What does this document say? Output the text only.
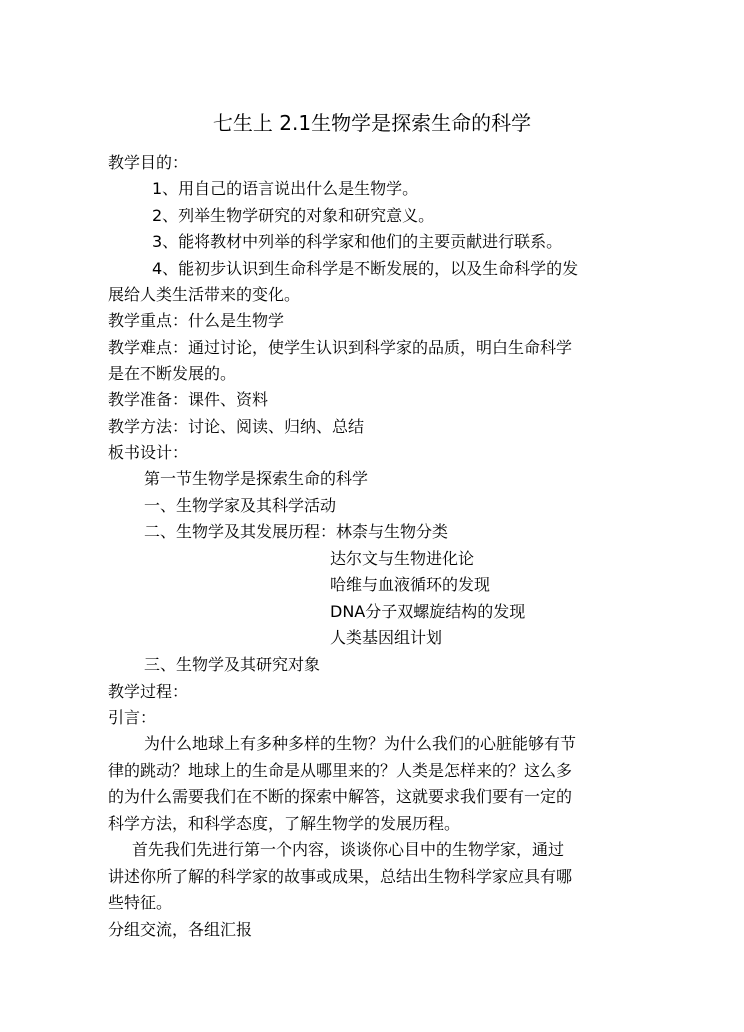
七生上 2.1生物学是探索生命的科学
教学目的：
1、用自己的语言说出什么是生物学。
2、列举生物学研究的对象和研究意义。
3、能将教材中列举的科学家和他们的主要贡献进行联系。
4、能初步认识到生命科学是不断发展的，以及生命科学的发
展给人类生活带来的变化。
教学重点：什么是生物学
教学难点：通过讨论，使学生认识到科学家的品质，明白生命科学
是在不断发展的。
教学准备：课件、资料
教学方法：讨论、阅读、归纳、总结
板书设计：
第一节生物学是探索生命的科学
一、生物学家及其科学活动
二、生物学及其发展历程：林柰与生物分类
达尔文与生物进化论
哈维与血液循环的发现
DNA分子双螺旋结构的发现
人类基因组计划
三、生物学及其研究对象
教学过程：
引言：
为什么地球上有多种多样的生物？为什么我们的心脏能够有节
律的跳动？地球上的生命是从哪里来的？人类是怎样来的？这么多
的为什么需要我们在不断的探索中解答，这就要求我们要有一定的
科学方法，和科学态度，了解生物学的发展历程。
首先我们先进行第一个内容，谈谈你心目中的生物学家，通过
讲述你所了解的科学家的故事或成果，总结出生物科学家应具有哪
些特征。
分组交流，各组汇报
